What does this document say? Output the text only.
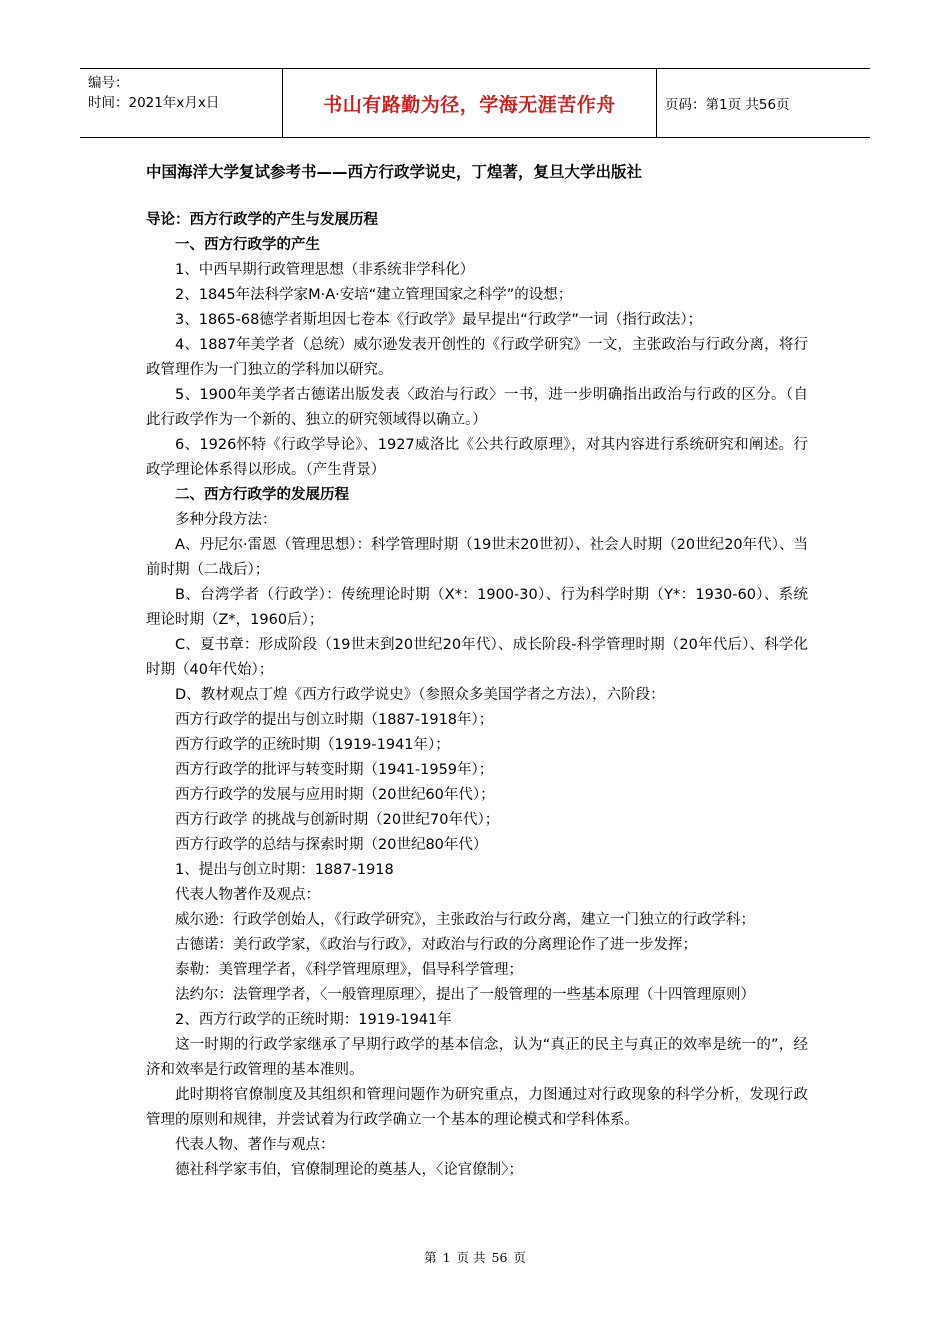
编号：
时间：2021年x月x日	书山有路勤为径，学海无涯苦作舟	页码：第1页 共56页
中国海洋大学复试参考书——西方行政学说史，丁煌著，复旦大学出版社

导论：西方行政学的产生与发展历程

一、西方行政学的产生

1、中西早期行政管理思想（非系统非学科化）

2、1845年法科学家M·A·安培“建立管理国家之科学”的设想；

3、1865-68德学者斯坦因七卷本《行政学》最早提出“行政学”一词（指行政法）；

4、1887年美学者（总统）威尔逊发表开创性的《行政学研究》一文，主张政治与行政分离，将行政管理作为一门独立的学科加以研究。

5、1900年美学者古德诺出版发表〈政治与行政〉一书，进一步明确指出政治与行政的区分。（自此行政学作为一个新的、独立的研究领域得以确立。）

6、1926怀特《行政学导论》、1927威洛比《公共行政原理》，对其内容进行系统研究和阐述。行政学理论体系得以形成。（产生背景）

二、西方行政学的发展历程

多种分段方法：

A、丹尼尔·雷恩（管理思想）：科学管理时期（19世末20世初）、社会人时期（20世纪20年代）、当前时期（二战后）；

B、台湾学者（行政学）：传统理论时期（X*：1900-30）、行为科学时期（Y*：1930-60）、系统理论时期（Z*，1960后）；

C、夏书章：形成阶段（19世末到20世纪20年代）、成长阶段-科学管理时期（20年代后）、科学化时期（40年代始）；

D、教材观点丁煌《西方行政学说史》（参照众多美国学者之方法），六阶段：

西方行政学的提出与创立时期（1887-1918年）；

西方行政学的正统时期（1919-1941年）；

西方行政学的批评与转变时期（1941-1959年）；

西方行政学的发展与应用时期（20世纪60年代）；

西方行政学 的挑战与创新时期（20世纪70年代）；

西方行政学的总结与探索时期（20世纪80年代）

1、提出与创立时期：1887-1918

代表人物著作及观点：

威尔逊：行政学创始人，《行政学研究》，主张政治与行政分离，建立一门独立的行政学科；

古德诺：美行政学家，《政治与行政》，对政治与行政的分离理论作了进一步发挥；

泰勒：美管理学者，《科学管理原理》，倡导科学管理；

法约尔：法管理学者，〈一般管理原理〉，提出了一般管理的一些基本原理（十四管理原则）

2、西方行政学的正统时期：1919-1941年

这一时期的行政学家继承了早期行政学的基本信念，认为“真正的民主与真正的效率是统一的”，经济和效率是行政管理的基本准则。

此时期将官僚制度及其组织和管理问题作为研究重点，力图通过对行政现象的科学分析，发现行政管理的原则和规律，并尝试着为行政学确立一个基本的理论模式和学科体系。

代表人物、著作与观点：

德社科学家韦伯，官僚制理论的奠基人，〈论官僚制〉；

第 1 页 共 56 页
